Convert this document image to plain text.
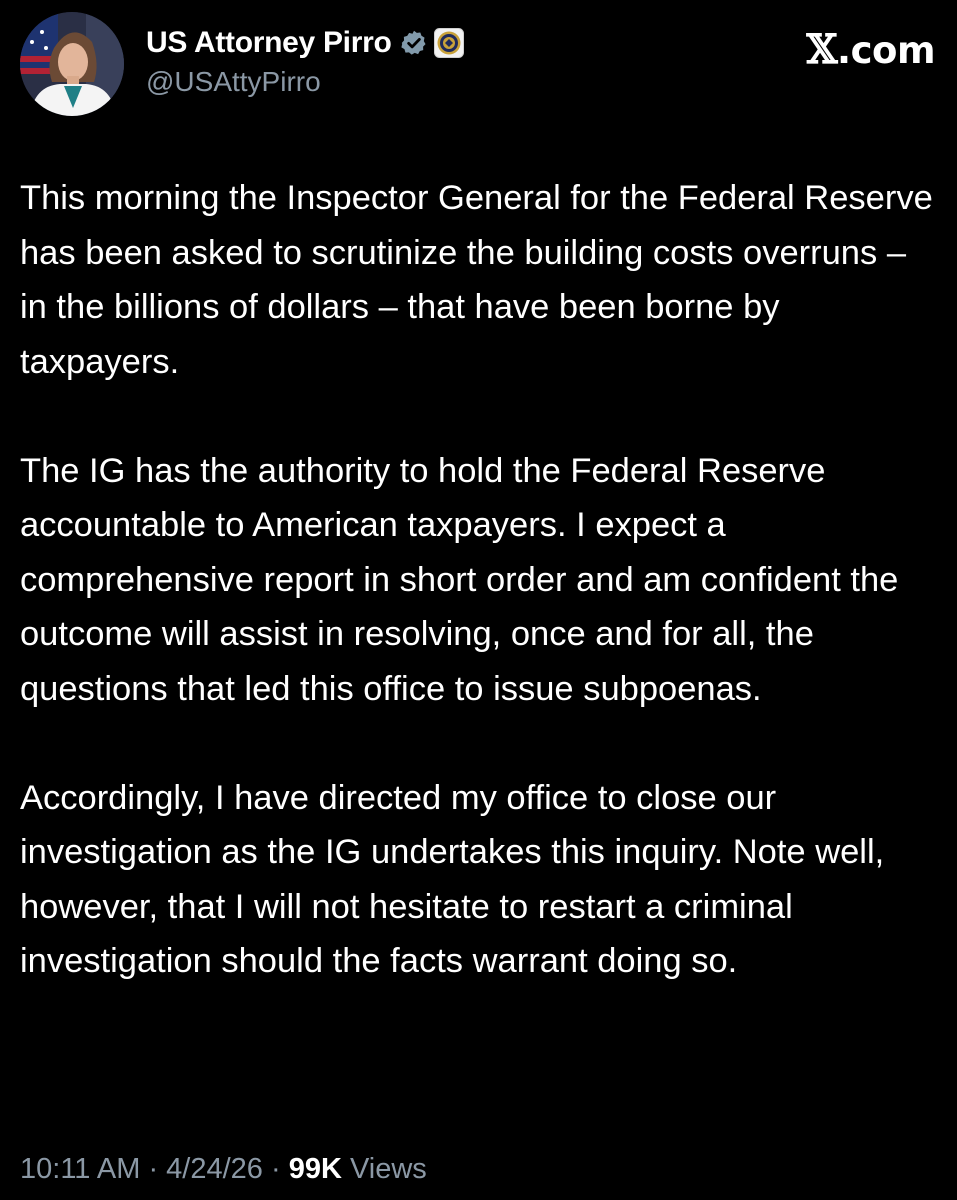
US Attorney Pirro
@USAttyPirro
𝕏.com

This morning the Inspector General for the Federal Reserve has been asked to scrutinize the building costs overruns – in the billions of dollars – that have been borne by taxpayers.

The IG has the authority to hold the Federal Reserve accountable to American taxpayers. I expect a comprehensive report in short order and am confident the outcome will assist in resolving, once and for all, the questions that led this office to issue subpoenas.

Accordingly, I have directed my office to close our investigation as the IG undertakes this inquiry. Note well, however, that I will not hesitate to restart a criminal investigation should the facts warrant doing so.

10:11 AM · 4/24/26 · 99K Views
